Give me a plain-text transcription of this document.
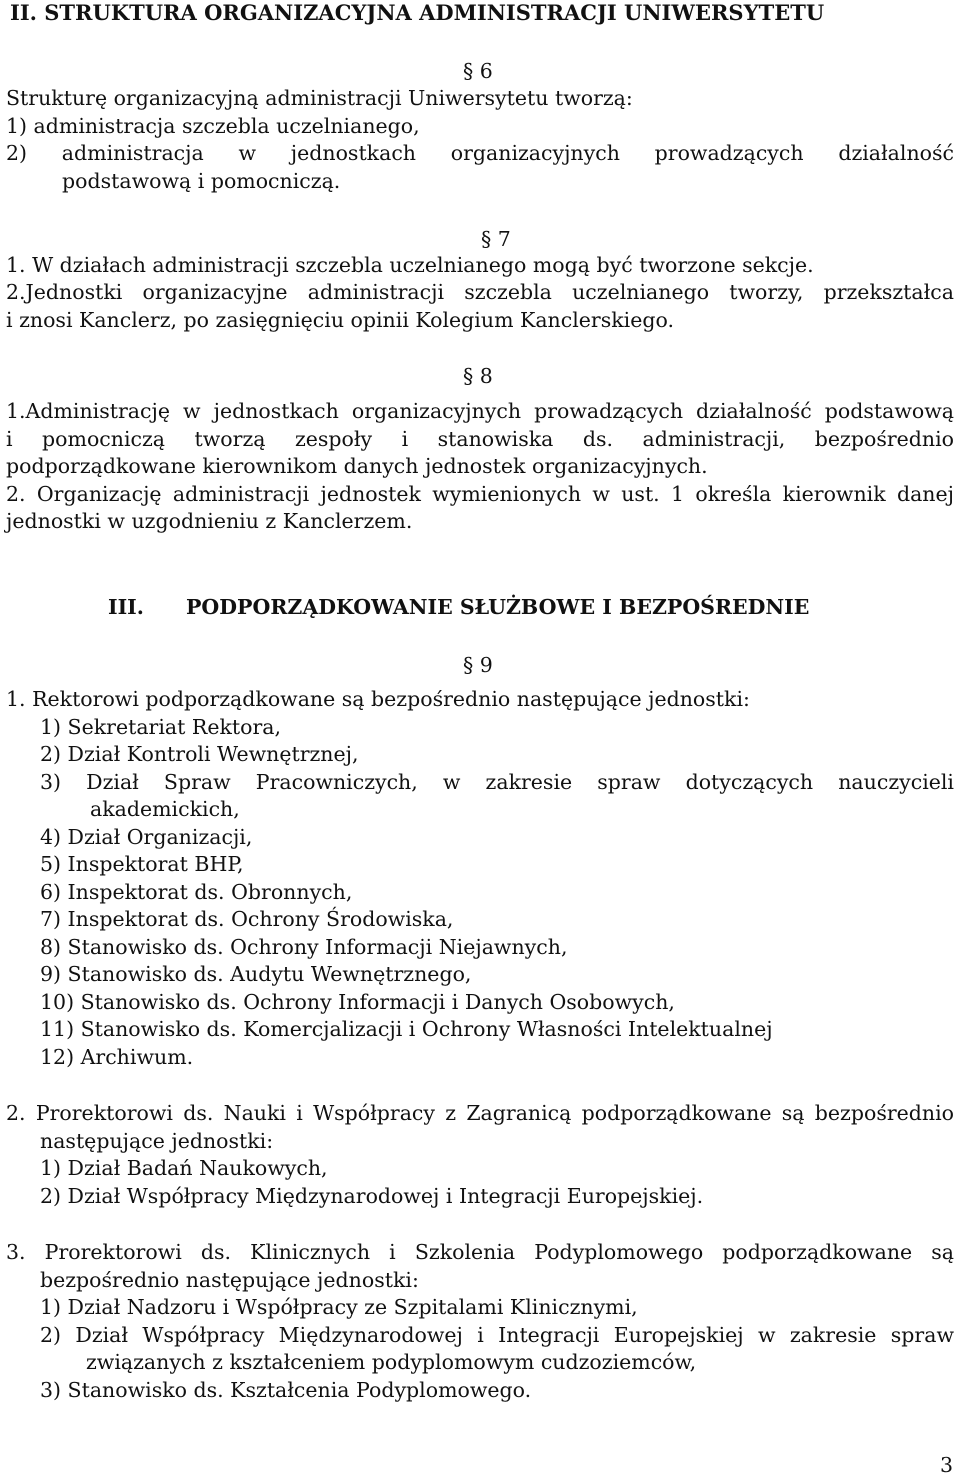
II. STRUKTURA ORGANIZACYJNA ADMINISTRACJI UNIWERSYTETU
§ 6
Strukturę organizacyjną administracji Uniwersytetu tworzą:
1) administracja szczebla uczelnianego,
2) administracja w jednostkach organizacyjnych prowadzących działalność
podstawową i pomocniczą.
§ 7
1. W działach administracji szczebla uczelnianego mogą być tworzone sekcje.
2.Jednostki organizacyjne administracji szczebla uczelnianego tworzy, przekształca
i znosi Kanclerz, po zasięgnięciu opinii Kolegium Kanclerskiego.
§ 8
1.Administrację w jednostkach organizacyjnych prowadzących działalność podstawową
i pomocniczą tworzą zespoły i stanowiska ds. administracji, bezpośrednio
podporządkowane kierownikom danych jednostek organizacyjnych.
2. Organizację administracji jednostek wymienionych w ust. 1 określa kierownik danej
jednostki w uzgodnieniu z Kanclerzem.
III. PODPORZĄDKOWANIE SŁUŻBOWE I BEZPOŚREDNIE
§ 9
1. Rektorowi podporządkowane są bezpośrednio następujące jednostki:
1) Sekretariat Rektora,
2) Dział Kontroli Wewnętrznej,
3) Dział Spraw Pracowniczych, w zakresie spraw dotyczących nauczycieli
akademickich,
4) Dział Organizacji,
5) Inspektorat BHP,
6) Inspektorat ds. Obronnych,
7) Inspektorat ds. Ochrony Środowiska,
8) Stanowisko ds. Ochrony Informacji Niejawnych,
9) Stanowisko ds. Audytu Wewnętrznego,
10) Stanowisko ds. Ochrony Informacji i Danych Osobowych,
11) Stanowisko ds. Komercjalizacji i Ochrony Własności Intelektualnej
12) Archiwum.
2. Prorektorowi ds. Nauki i Współpracy z Zagranicą podporządkowane są bezpośrednio
następujące jednostki:
1) Dział Badań Naukowych,
2) Dział Współpracy Międzynarodowej i Integracji Europejskiej.
3. Prorektorowi ds. Klinicznych i Szkolenia Podyplomowego podporządkowane są
bezpośrednio następujące jednostki:
1) Dział Nadzoru i Współpracy ze Szpitalami Klinicznymi,
2) Dział Współpracy Międzynarodowej i Integracji Europejskiej w zakresie spraw
związanych z kształceniem podyplomowym cudzoziemców,
3) Stanowisko ds. Kształcenia Podyplomowego.
3
